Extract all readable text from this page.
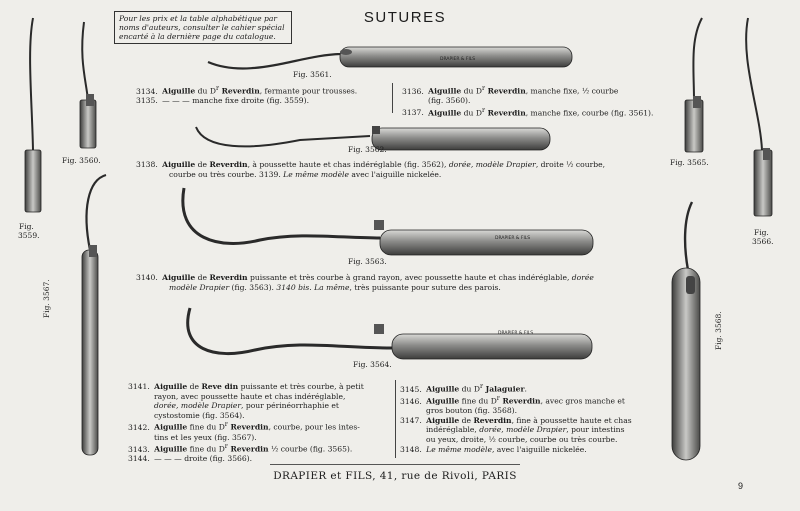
DRAPIER & FILS
DRAPIER & FILS
DRAPIER & FILS
SUTURES
Pour les prix et la table alphabétique par
noms d'auteurs, consulter le cahier spécial
encarté à la dernière page du catalogue.
Fig. 3561.
Fig. 3562.
Fig. 3563.
Fig. 3564.
Fig. 3560.
Fig.
3559.
Fig. 3565.
Fig.
3566.
Fig. 3567.
Fig. 3568.
3134. Aiguille du $D^r$ Reverdin, fermante pour trousses.
3135. — — — manche fixe droite (fig. 3559).
3136. Aiguille du $D^r$ Reverdin, manche fixe, ½ courbe
(fig. 3560).
3137. Aiguille du $D^r$ Reverdin, manche fixe, courbe (fig. 3561).
3138. Aiguille de Reverdin, à poussette haute et chas indéréglable (fig. 3562), dorée, modèle Drapier, droite ½ courbe,
courbe ou très courbe. 3139. Le même modèle avec l'aiguille nickelée.
3140. Aiguille de Reverdin puissante et très courbe à grand rayon, avec poussette haute et chas indéréglable, dorée
modèle Drapier (fig. 3563). 3140 bis. La même, très puissante pour suture des parois.
3141. Aiguille de Reve din puissante et très courbe, à petit
rayon, avec poussette haute et chas indéréglable,
dorée, modèle Drapier, pour périnéorrhaphie et
cystostomie (fig. 3564).
3142. Aiguille fine du $D^r$ Reverdin, courbe, pour les intes-
tins et les yeux (fig. 3567).
3143. Aiguille fine du $D^r$ Reverdin ½ courbe (fig. 3565).
3144. — — — droite (fig. 3566).
3145. Aiguille du $D^r$ Jalaguier.
3146. Aiguille fine du $D^r$ Reverdin, avec gros manche et
gros bouton (fig. 3568).
3147. Aiguille de Reverdin, fine à poussette haute et chas
indéréglable, dorée, modèle Drapier, pour intestins
ou yeux, droite, ½ courbe, courbe ou très courbe.
3148. Le même modèle, avec l'aiguille nickelée.
DRAPIER et FILS, 41, rue de Rivoli, PARIS
9
